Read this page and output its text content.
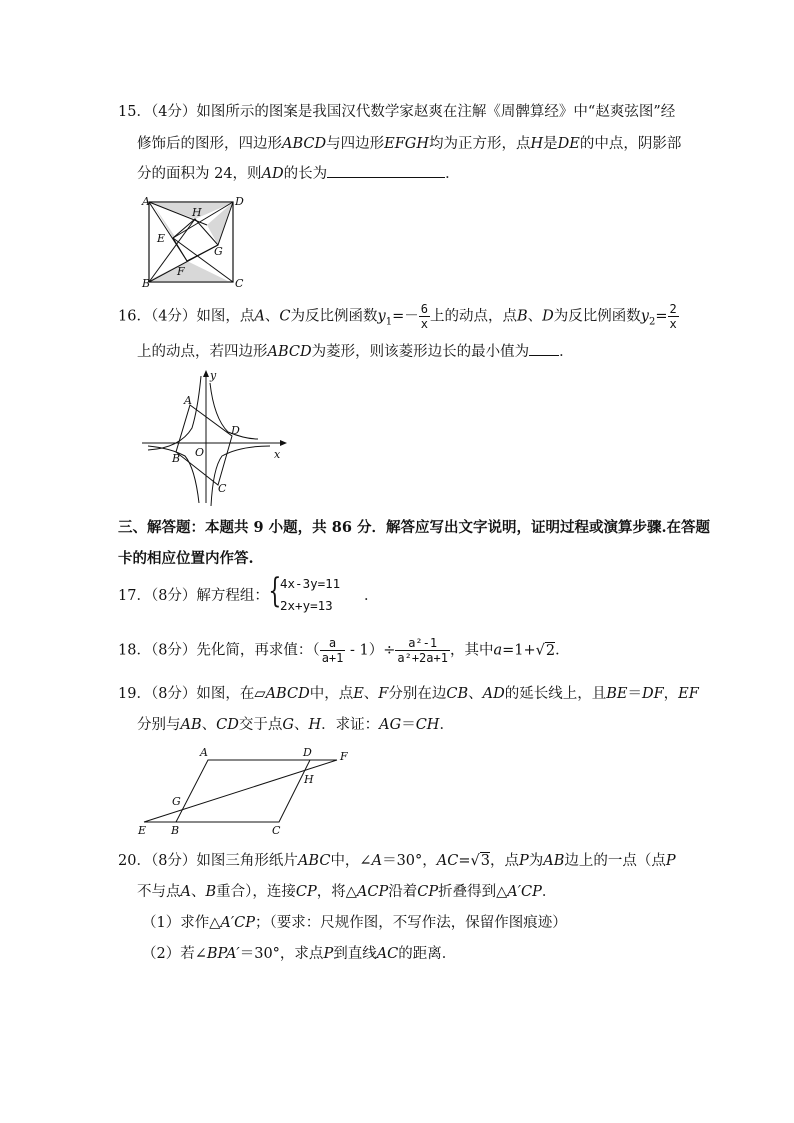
15．（4分）如图所示的图案是我国汉代数学家赵爽在注解《周髀算经》中“赵爽弦图”经
修饰后的图形，四边形ABCD与四边形EFGH均为正方形，点H是DE的中点，阴影部
分的面积为 24，则AD的长为	．
A	D
B	C
H
E
G
F
16．（4分）如图，点A、C为反比例函数$y_1=- \frac{6}{x}$ 上的动点，点B、D为反比例函数$y_2= \frac{2}{x}$
上的动点，若四边形ABCD为菱形，则该菱形边长的最小值为 ．
y
x
A
D
B O
C
三、解答题：本题共 9 小题，共 86 分．解答应写出文字说明，证明过程或演算步骤.在答题
卡的相应位置内作答.
17．（8分）解方程组： {
4x-3y=11
2x+y=13
．
18．（8分）先化简，再求值：（ $\frac{a}{a+1} - 1)\div \frac{\text{a²-1}}{\text{a²+2a+1}}$ ，其中a=1+√2．
19．（8分）如图，在▱ABCD中，点E、F分别在边CB、AD的延长线上，且BE＝DF，EF
分别与AB、CD交于点G、H．求证：AG＝CH．
A	D	F
H
G
E B	C
20．（8分）如图三角形纸片ABC中，∠A＝30°，AC=√3，点P为AB边上的一点（点P
不与点A、B重合），连接CP，将△ACP沿着CP折叠得到△A′CP．
（1）求作△A′CP；（要求：尺规作图，不写作法，保留作图痕迹）
（2）若∠BPA′＝30°，求点P到直线AC的距离．
